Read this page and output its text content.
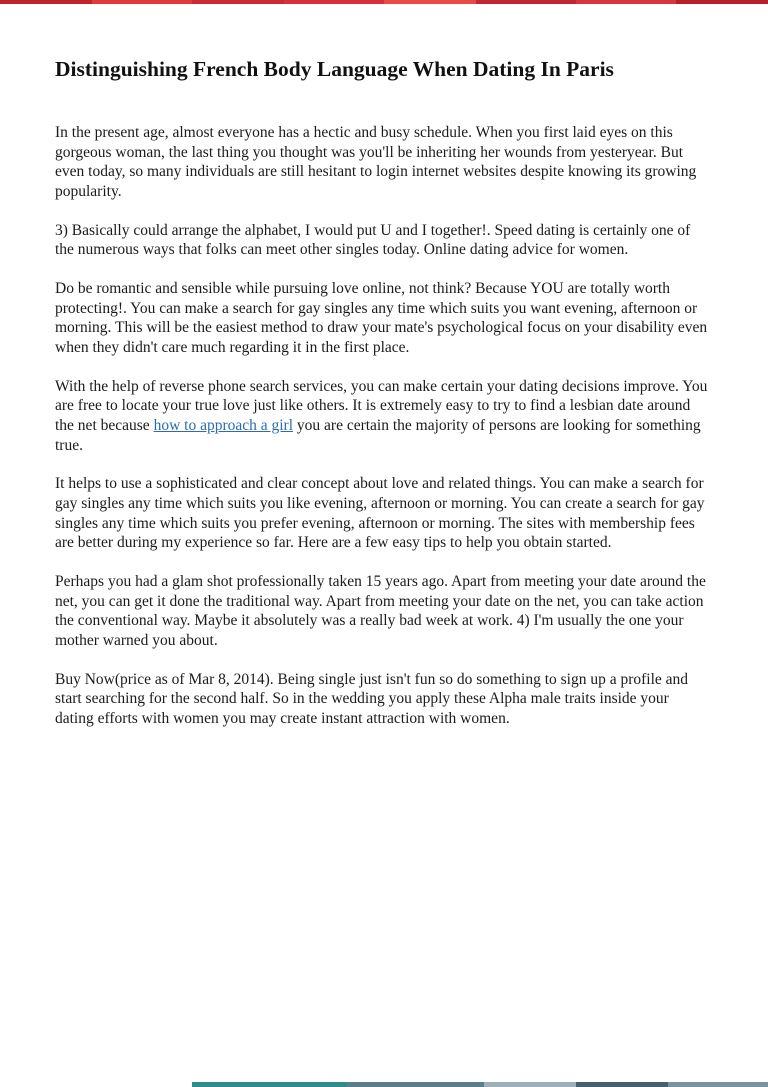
Distinguishing French Body Language When Dating In Paris

In the present age, almost everyone has a hectic and busy schedule. When you first laid eyes on this gorgeous woman, the last thing you thought was you'll be inheriting her wounds from yesteryear. But even today, so many individuals are still hesitant to login internet websites despite knowing its growing popularity.

3) Basically could arrange the alphabet, I would put U and I together!. Speed dating is certainly one of the numerous ways that folks can meet other singles today. Online dating advice for women.

Do be romantic and sensible while pursuing love online, not think? Because YOU are totally worth protecting!. You can make a search for gay singles any time which suits you want evening, afternoon or morning. This will be the easiest method to draw your mate's psychological focus on your disability even when they didn't care much regarding it in the first place.

With the help of reverse phone search services, you can make certain your dating decisions improve. You are free to locate your true love just like others. It is extremely easy to try to find a lesbian date around the net because how to approach a girl you are certain the majority of persons are looking for something true.

It helps to use a sophisticated and clear concept about love and related things. You can make a search for gay singles any time which suits you like evening, afternoon or morning. You can create a search for gay singles any time which suits you prefer evening, afternoon or morning. The sites with membership fees are better during my experience so far. Here are a few easy tips to help you obtain started.

Perhaps you had a glam shot professionally taken 15 years ago. Apart from meeting your date around the net, you can get it done the traditional way. Apart from meeting your date on the net, you can take action the conventional way. Maybe it absolutely was a really bad week at work. 4) I'm usually the one your mother warned you about.

Buy Now(price as of Mar 8, 2014). Being single just isn't fun so do something to sign up a profile and start searching for the second half. So in the wedding you apply these Alpha male traits inside your dating efforts with women you may create instant attraction with women.
